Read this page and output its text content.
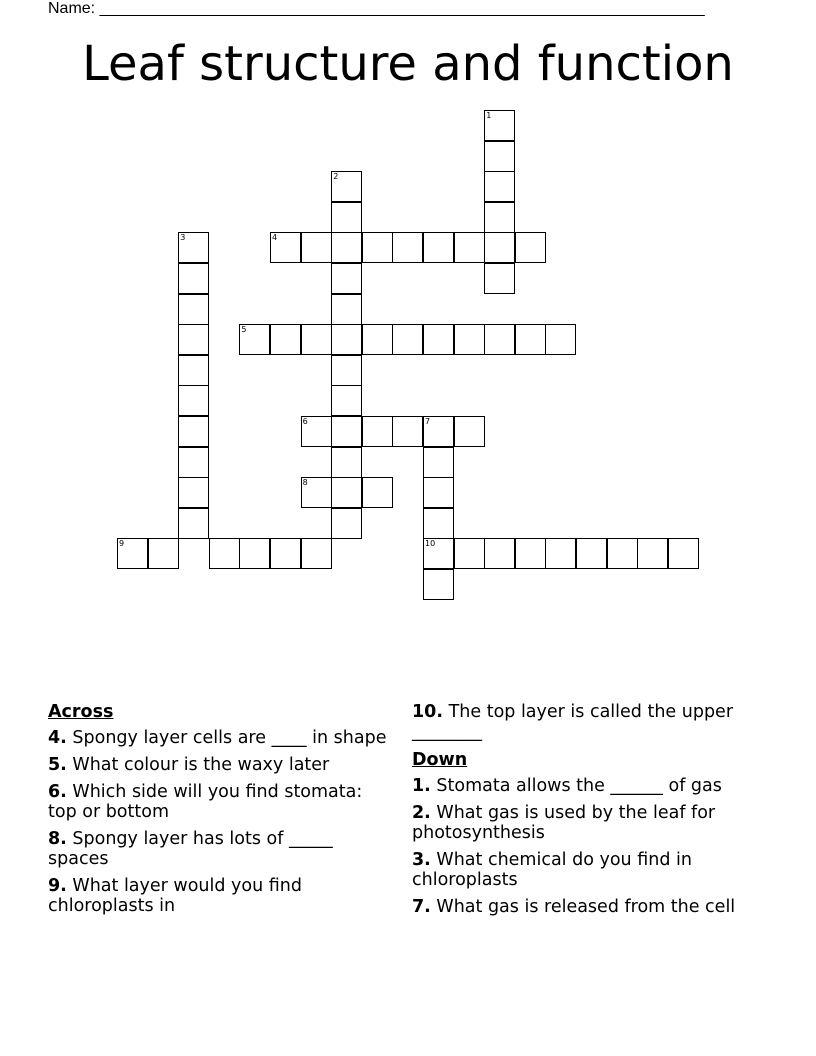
Name: ____________________________________________________________________
Leaf structure and function
1
2
3	4
5
6	7
10
8
9
Across
4. Spongy layer cells are ____ in shape
5. What colour is the waxy later
6. Which side will you find stomata: top or bottom
8. Spongy layer has lots of _____ spaces
9. What layer would you find chloroplasts in
10. The top layer is called the upper ________
Down
1. Stomata allows the ______ of gas
2. What gas is used by the leaf for photosynthesis
3. What chemical do you find in chloroplasts
7. What gas is released from the cell
